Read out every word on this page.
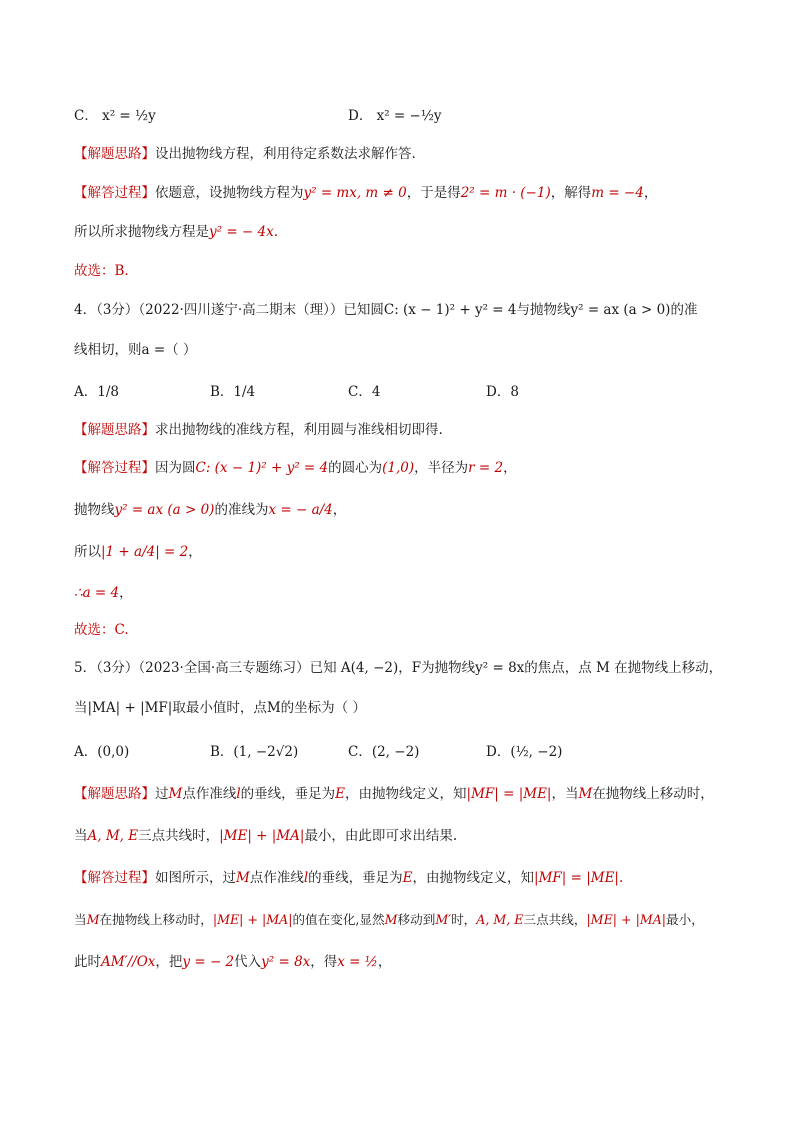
C． x² = ½y	D． x² = −½y
【解题思路】设出抛物线方程，利用待定系数法求解作答.
【解答过程】依题意，设抛物线方程为y² = mx, m ≠ 0，于是得2² = m · (−1)，解得m = −4，
所以所求抛物线方程是y² = − 4x.
故选：B.
4．（3分）（2022·四川遂宁·高二期末（理））已知圆C: (x − 1)² + y² = 4与抛物线y² = ax (a > 0)的准
线相切，则a =（ ）
A．1/8	B．1/4	C．4	D．8
【解题思路】求出抛物线的准线方程，利用圆与准线相切即得.
【解答过程】因为圆C: (x − 1)² + y² = 4的圆心为(1,0)，半径为r = 2，
抛物线y² = ax (a > 0)的准线为x = − a/4，
所以|1 + a/4| = 2，
∴a = 4，
故选：C.
5．（3分）（2023·全国·高三专题练习）已知 A(4, −2)，F为抛物线y² = 8x的焦点，点 M 在抛物线上移动，
当|MA| + |MF|取最小值时，点M的坐标为（ ）
A．(0,0)	B．(1, −2√2)	C．(2, −2)	D．(½, −2)
【解题思路】过M点作准线l的垂线，垂足为E，由抛物线定义，知|MF| = |ME|，当M在抛物线上移动时，
当A, M, E三点共线时，|ME| + |MA|最小，由此即可求出结果.
【解答过程】如图所示，过M点作准线l的垂线，垂足为E，由抛物线定义，知|MF| = |ME|.
当M在抛物线上移动时，|ME| + |MA|的值在变化,显然M移动到M′时，A, M, E三点共线，|ME| + |MA|最小，
此时AM′//Ox，把y = − 2代入y² = 8x，得x = ½，
